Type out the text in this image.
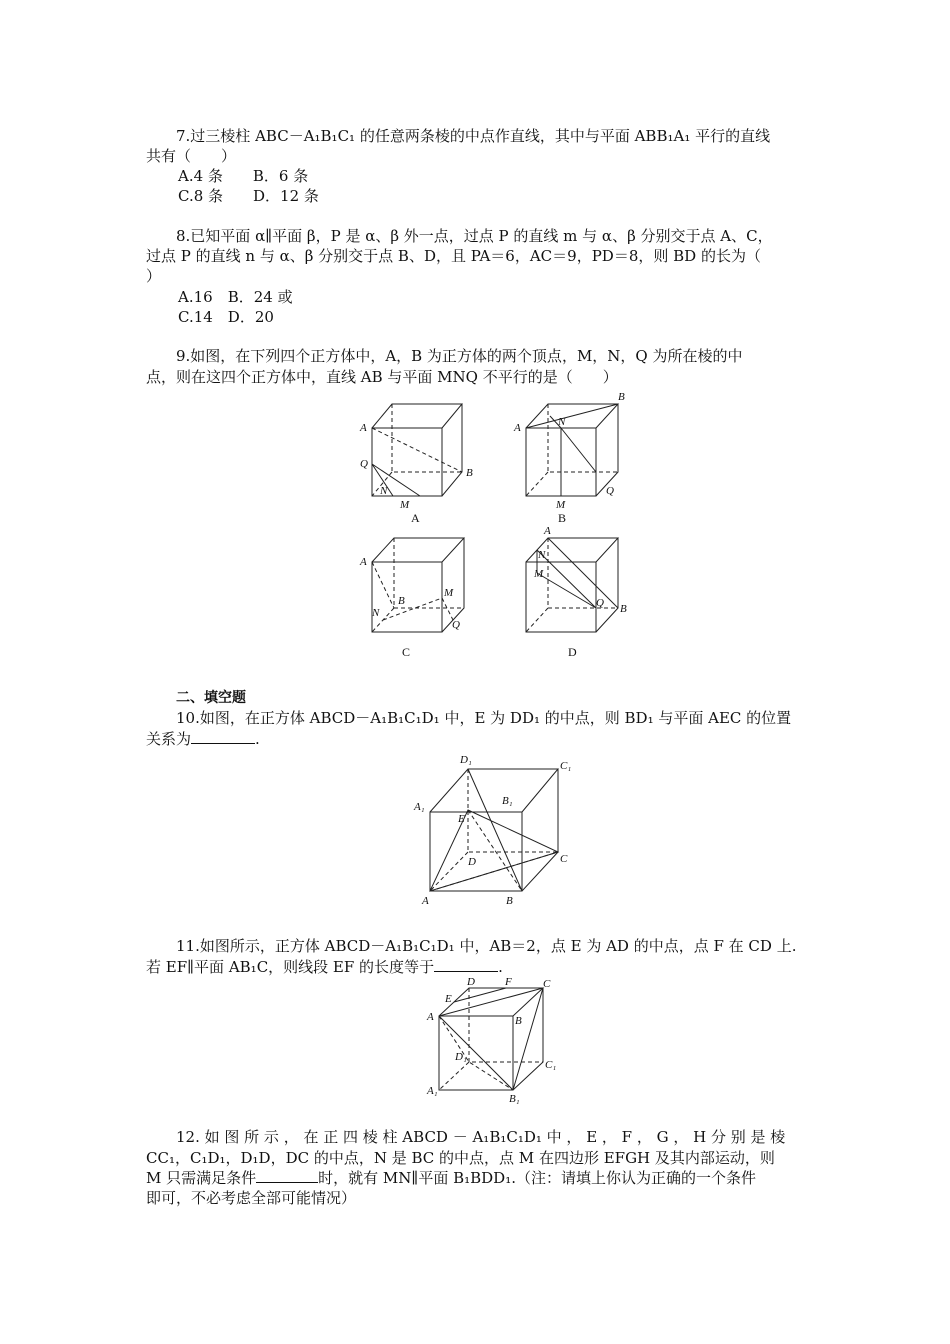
7.过三棱柱 ABC－A₁B₁C₁ 的任意两条棱的中点作直线，其中与平面 ABB₁A₁ 平行的直线
共有（　　）
A.4 条　　B．6 条
C.8 条　　D．12 条
8.已知平面 α∥平面 β，P 是 α、β 外一点，过点 P 的直线 m 与 α、β 分别交于点 A、C，
过点 P 的直线 n 与 α、β 分别交于点 B、D，且 PA＝6，AC＝9，PD＝8，则 BD 的长为（
）
A.16　B．24 或
C.14　D．20
9.如图，在下列四个正方体中，A，B 为正方体的两个顶点，M，N，Q 为所在棱的中
点，则在这四个正方体中，直线 AB 与平面 MNQ 不平行的是（　　）
A
B
M
N
Q
A
A
B
M
N
Q
B
A
B
M
N
Q
C
A
B
M
N
Q
D
二、填空题
10.如图，在正方体 ABCD－A₁B₁C₁D₁ 中，E 为 DD₁ 的中点，则 BD₁ 与平面 AEC 的位置
关系为	.
D₁	C₁
A₁	B₁
E
D	C
A	B
11.如图所示，正方体 ABCD－A₁B₁C₁D₁ 中，AB＝2，点 E 为 AD 的中点，点 F 在 CD 上.
若 EF∥平面 AB₁C，则线段 EF 的长度等于	.
D	F	C
E
A	B
D₁
C₁
A₁
B₁
12. 如 图 所 示 ， 在 正 四 棱 柱 ABCD － A₁B₁C₁D₁ 中 ， E ， F ， G ， H 分 别 是 棱
CC₁，C₁D₁，D₁D，DC 的中点，N 是 BC 的中点，点 M 在四边形 EFGH 及其内部运动，则
M 只需满足条件	时，就有 MN∥平面 B₁BDD₁.（注：请填上你认为正确的一个条件
即可，不必考虑全部可能情况）
